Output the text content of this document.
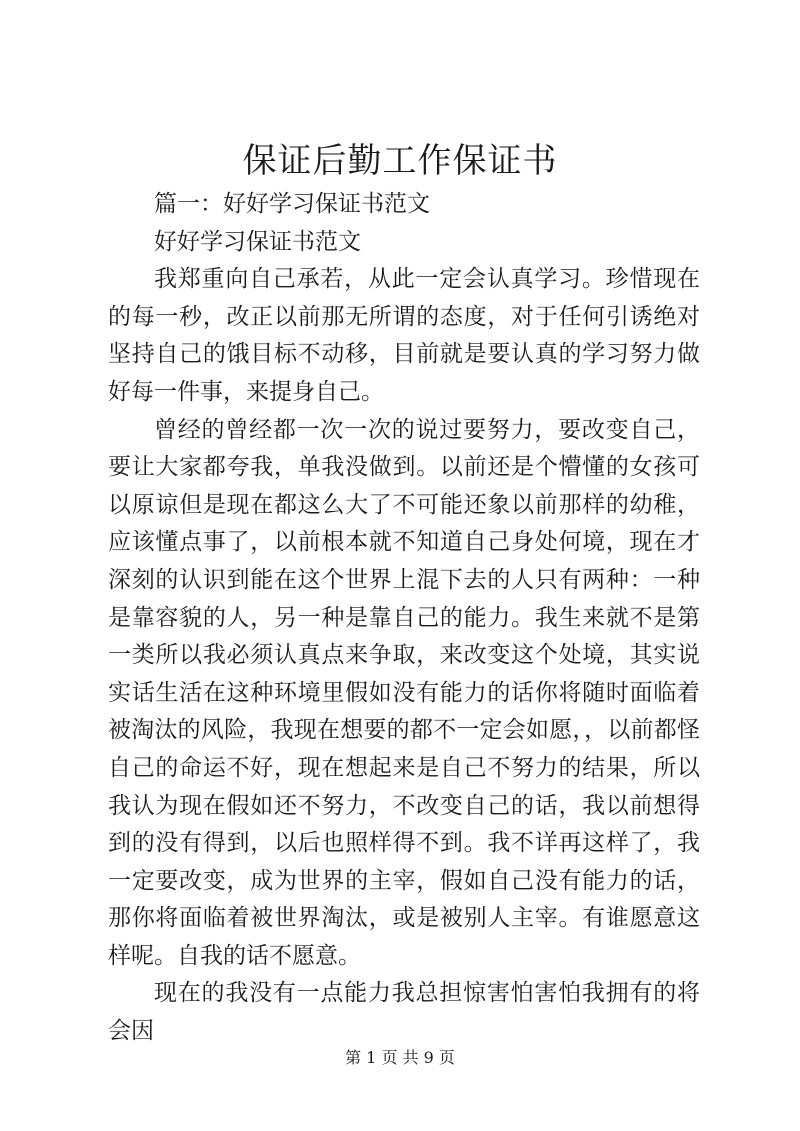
保证后勤工作保证书

篇一：好好学习保证书范文

好好学习保证书范文

我郑重向自己承若，从此一定会认真学习。珍惜现在的每一秒，改正以前那无所谓的态度，对于任何引诱绝对坚持自己的饿目标不动移，目前就是要认真的学习努力做好每一件事，来提身自己。

曾经的曾经都一次一次的说过要努力，要改变自己，要让大家都夸我，单我没做到。以前还是个懵懂的女孩可以原谅但是现在都这么大了不可能还象以前那样的幼稚，应该懂点事了，以前根本就不知道自己身处何境，现在才深刻的认识到能在这个世界上混下去的人只有两种：一种是靠容貌的人，另一种是靠自己的能力。我生来就不是第一类所以我必须认真点来争取，来改变这个处境，其实说实话生活在这种环境里假如没有能力的话你将随时面临着被淘汰的风险，我现在想要的都不一定会如愿，，以前都怪自己的命运不好，现在想起来是自己不努力的结果，所以我认为现在假如还不努力，不改变自己的话，我以前想得到的没有得到，以后也照样得不到。我不详再这样了，我一定要改变，成为世界的主宰，假如自己没有能力的话，那你将面临着被世界淘汰，或是被别人主宰。有谁愿意这样呢。自我的话不愿意。

现在的我没有一点能力我总担惊害怕害怕我拥有的将会因

第 1 页 共 9 页
